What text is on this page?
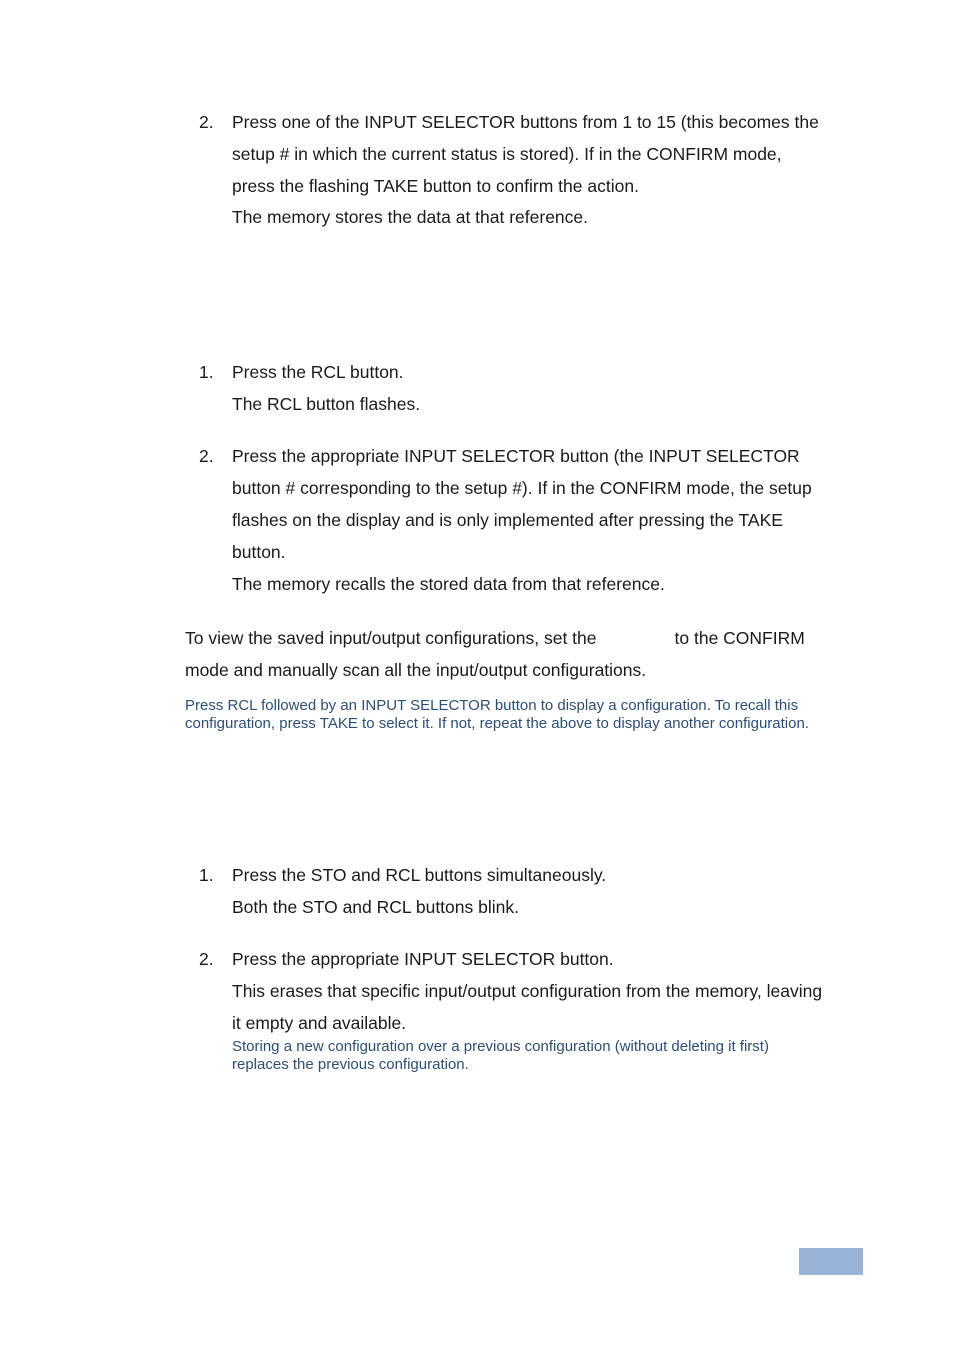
2. Press one of the INPUT SELECTOR buttons from 1 to 15 (this becomes the

setup # in which the current status is stored). If in the CONFIRM mode,

press the flashing TAKE button to confirm the action.

The memory stores the data at that reference.

1. Press the RCL button.

The RCL button flashes.

2. Press the appropriate INPUT SELECTOR button (the INPUT SELECTOR

button # corresponding to the setup #). If in the CONFIRM mode, the setup

flashes on the display and is only implemented after pressing the TAKE

button.

The memory recalls the stored data from that reference.

To view the saved input/output configurations, set the	to the CONFIRM

mode and manually scan all the input/output configurations.

Press RCL followed by an INPUT SELECTOR button to display a configuration. To recall this
configuration, press TAKE to select it. If not, repeat the above to display another configuration.
1. Press the STO and RCL buttons simultaneously.

Both the STO and RCL buttons blink.

2. Press the appropriate INPUT SELECTOR button.

This erases that specific input/output configuration from the memory, leaving

it empty and available.

Storing a new configuration over a previous configuration (without deleting it first)
replaces the previous configuration.
